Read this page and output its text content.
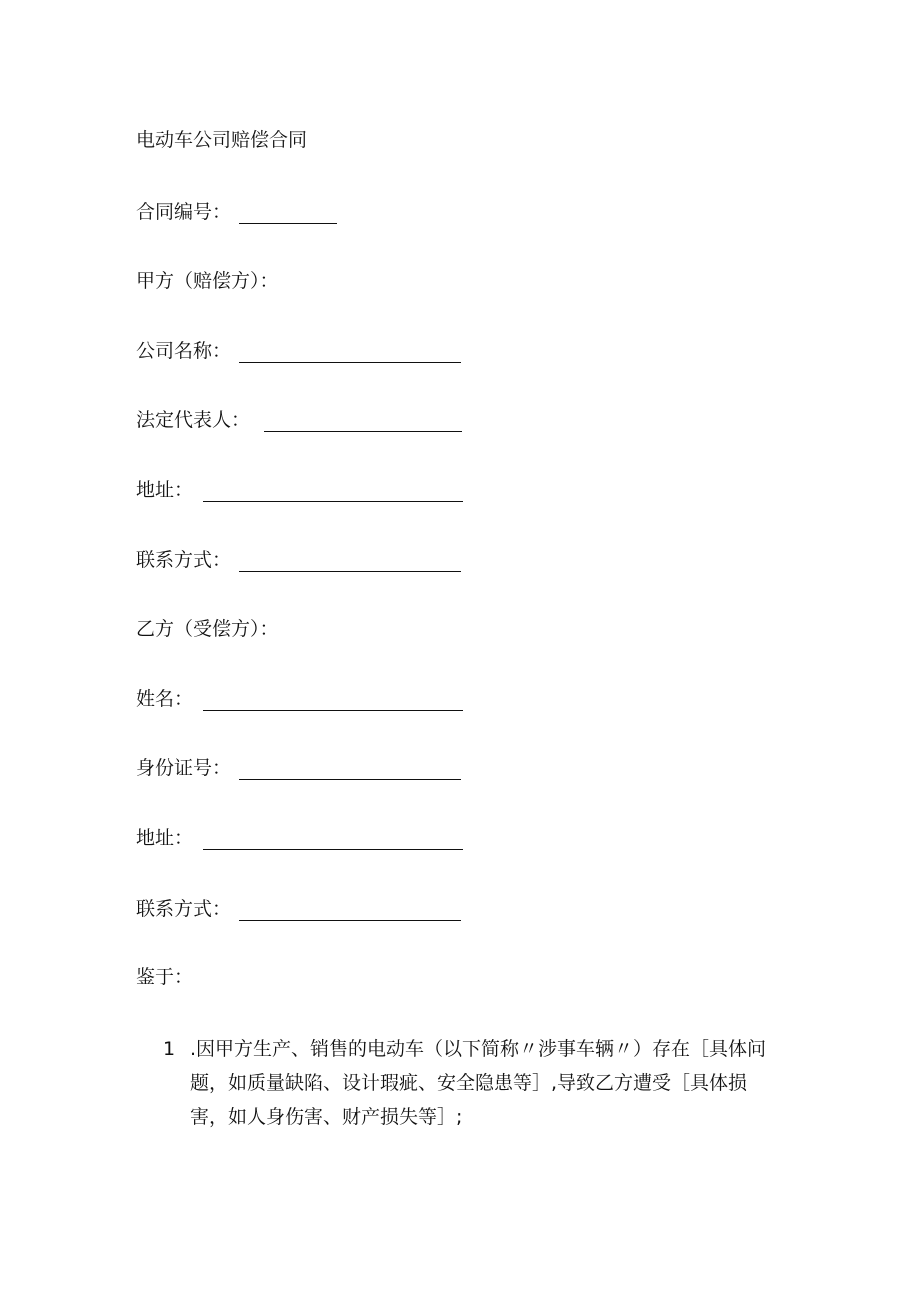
电动车公司赔偿合同
合同编号：
甲方（赔偿方）：
公司名称：
法定代表人：
地址：
联系方式：
乙方（受偿方）：
姓名：
身份证号：
地址：
联系方式：
鉴于：
1 .因甲方生产、销售的电动车（以下简称〃涉事车辆〃）存在［具体问
题，如质量缺陷、设计瑕疵、安全隐患等］,导致乙方遭受［具体损
害，如人身伤害、财产损失等］;
